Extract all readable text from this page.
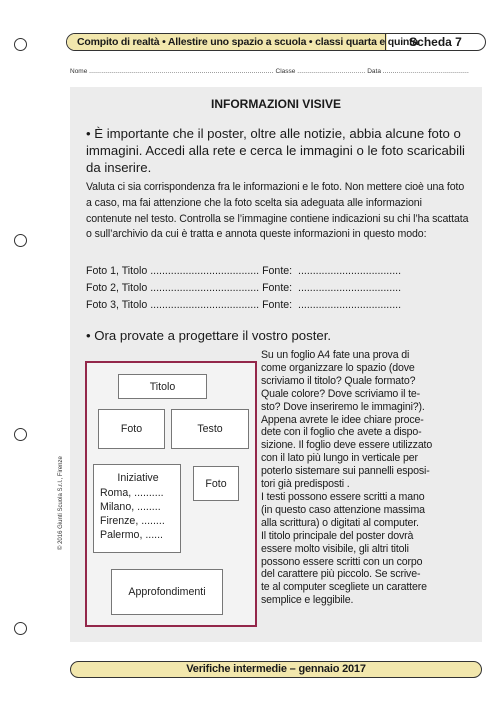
Compito di realtà • Allestire uno spazio a scuola • classi quarta e quinta
Scheda 7
Nome ............................................................................................ Classe .................................. Data ...........................................
INFORMAZIONI VISIVE
• È importante che il poster, oltre alle notizie, abbia alcune foto o immagini. Accedi alla rete e cerca le immagini o le foto scaricabili da inserire.
Valuta ci sia corrispondenza fra le informazioni e le foto. Non mettere cioè una foto a caso, ma fai attenzione che la foto scelta sia adeguata alle informazioni contenute nel testo. Controlla se l’immagine contiene indicazioni su chi l’ha scattata o sull’archivio da cui è tratta e annota queste informazioni in questo modo:
Foto 1, Titolo ..................................... Fonte:  ...................................
Foto 2, Titolo ..................................... Fonte:  ...................................
Foto 3, Titolo ..................................... Fonte:  ...................................
• Ora provate a progettare il vostro poster.
Titolo
Foto	Testo
Iniziative
Roma, ..........
Milano, ........
Firenze, ........
Palermo, ......
Foto
Approfondimenti
Su un foglio A4 fate una prova di
come organizzare lo spazio (dove
scriviamo il titolo? Quale formato?
Quale colore? Dove scriviamo il te-
sto? Dove inseriremo le immagini?).
Appena avrete le idee chiare proce-
dete con il foglio che avete a dispo-
sizione. Il foglio deve essere utilizzato
con il lato più lungo in verticale per
poterlo sistemare sui pannelli esposi-
tori già predisposti .
I testi possono essere scritti a mano
(in questo caso attenzione massima
alla scrittura) o digitati al computer.
Il titolo principale del poster dovrà
essere molto visibile, gli altri titoli
possono essere scritti con un corpo
del carattere più piccolo. Se scrive-
te al computer scegliete un carattere
semplice e leggibile.
© 2016 Giunti Scuola S.r.l., Firenze
Verifiche intermedie – gennaio 2017
